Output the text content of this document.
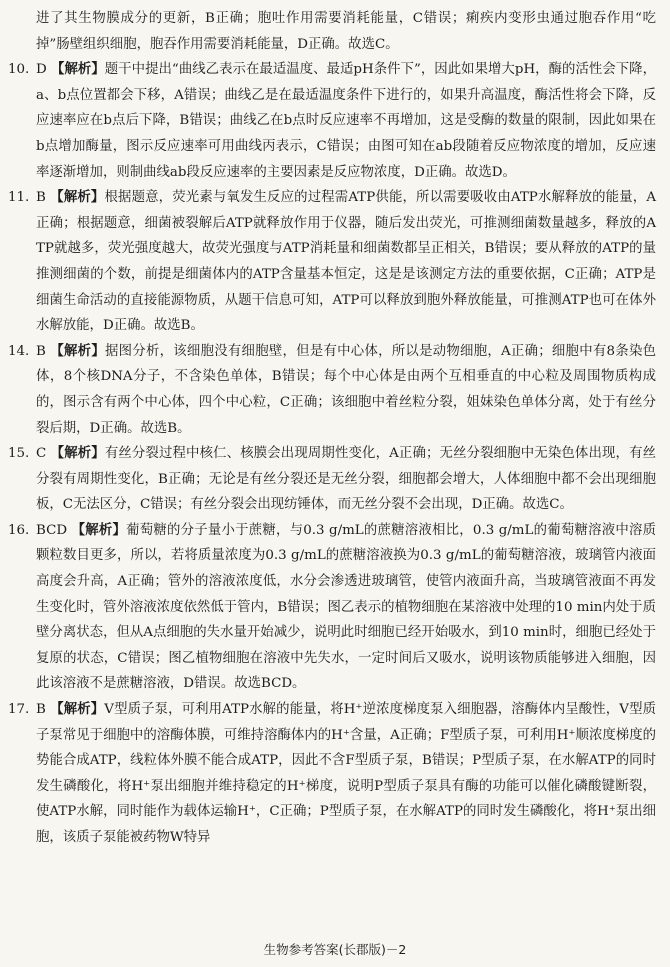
进了其生物膜成分的更新，B正确；胞吐作用需要消耗能量，C错误；痢疾内变形虫通过胞吞作用“吃掉”肠壁组织细胞，胞吞作用需要消耗能量，D正确。故选C。

10. D 【解析】题干中提出“曲线乙表示在最适温度、最适pH条件下”，因此如果增大pH，酶的活性会下降，a、b点位置都会下移，A错误；曲线乙是在最适温度条件下进行的，如果升高温度，酶活性将会下降，反应速率应在b点后下降，B错误；曲线乙在b点时反应速率不再增加，这是受酶的数量的限制，因此如果在b点增加酶量，图示反应速率可用曲线丙表示，C错误；由图可知在ab段随着反应物浓度的增加，反应速率逐渐增加，则制曲线ab段反应速率的主要因素是反应物浓度，D正确。故选D。

11. B 【解析】根据题意，荧光素与氧发生反应的过程需ATP供能，所以需要吸收由ATP水解释放的能量，A正确；根据题意，细菌被裂解后ATP就释放作用于仪器，随后发出荧光，可推测细菌数量越多，释放的ATP就越多，荧光强度越大，故荧光强度与ATP消耗量和细菌数都呈正相关，B错误；要从释放的ATP的量推测细菌的个数，前提是细菌体内的ATP含量基本恒定，这是是该测定方法的重要依据，C正确；ATP是细菌生命活动的直接能源物质，从题干信息可知，ATP可以释放到胞外释放能量，可推测ATP也可在体外水解放能，D正确。故选B。

14. B 【解析】据图分析，该细胞没有细胞壁，但是有中心体，所以是动物细胞，A正确；细胞中有8条染色体，8个核DNA分子，不含染色单体，B错误；每个中心体是由两个互相垂直的中心粒及周围物质构成的，图示含有两个中心体，四个中心粒，C正确；该细胞中着丝粒分裂，姐妹染色单体分离，处于有丝分裂后期，D正确。故选B。

15. C 【解析】有丝分裂过程中核仁、核膜会出现周期性变化，A正确；无丝分裂细胞中无染色体出现，有丝分裂有周期性变化，B正确；无论是有丝分裂还是无丝分裂，细胞都会增大，人体细胞中都不会出现细胞板，C无法区分，C错误；有丝分裂会出现纺锤体，而无丝分裂不会出现，D正确。故选C。

16. BCD 【解析】葡萄糖的分子量小于蔗糖，与0.3 g/mL的蔗糖溶液相比，0.3 g/mL的葡萄糖溶液中溶质颗粒数目更多，所以，若将质量浓度为0.3 g/mL的蔗糖溶液换为0.3 g/mL的葡萄糖溶液，玻璃管内液面高度会升高，A正确；管外的溶液浓度低，水分会渗透进玻璃管，使管内液面升高，当玻璃管液面不再发生变化时，管外溶液浓度依然低于管内，B错误；图乙表示的植物细胞在某溶液中处理的10 min内处于质壁分离状态，但从A点细胞的失水量开始减少，说明此时细胞已经开始吸水，到10 min时，细胞已经处于复原的状态，C错误；图乙植物细胞在溶液中先失水，一定时间后又吸水，说明该物质能够进入细胞，因此该溶液不是蔗糖溶液，D错误。故选BCD。

17. B 【解析】V型质子泵，可利用ATP水解的能量，将H⁺逆浓度梯度泵入细胞器，溶酶体内呈酸性，V型质子泵常见于细胞中的溶酶体膜，可维持溶酶体内的H⁺含量，A正确；F型质子泵，可利用H⁺顺浓度梯度的势能合成ATP，线粒体外膜不能合成ATP，因此不含F型质子泵，B错误；P型质子泵，在水解ATP的同时发生磷酸化，将H⁺泵出细胞并维持稳定的H⁺梯度，说明P型质子泵具有酶的功能可以催化磷酸键断裂，使ATP水解，同时能作为载体运输H⁺，C正确；P型质子泵，在水解ATP的同时发生磷酸化，将H⁺泵出细胞，该质子泵能被药物W特异

生物参考答案(长郡版)－2
